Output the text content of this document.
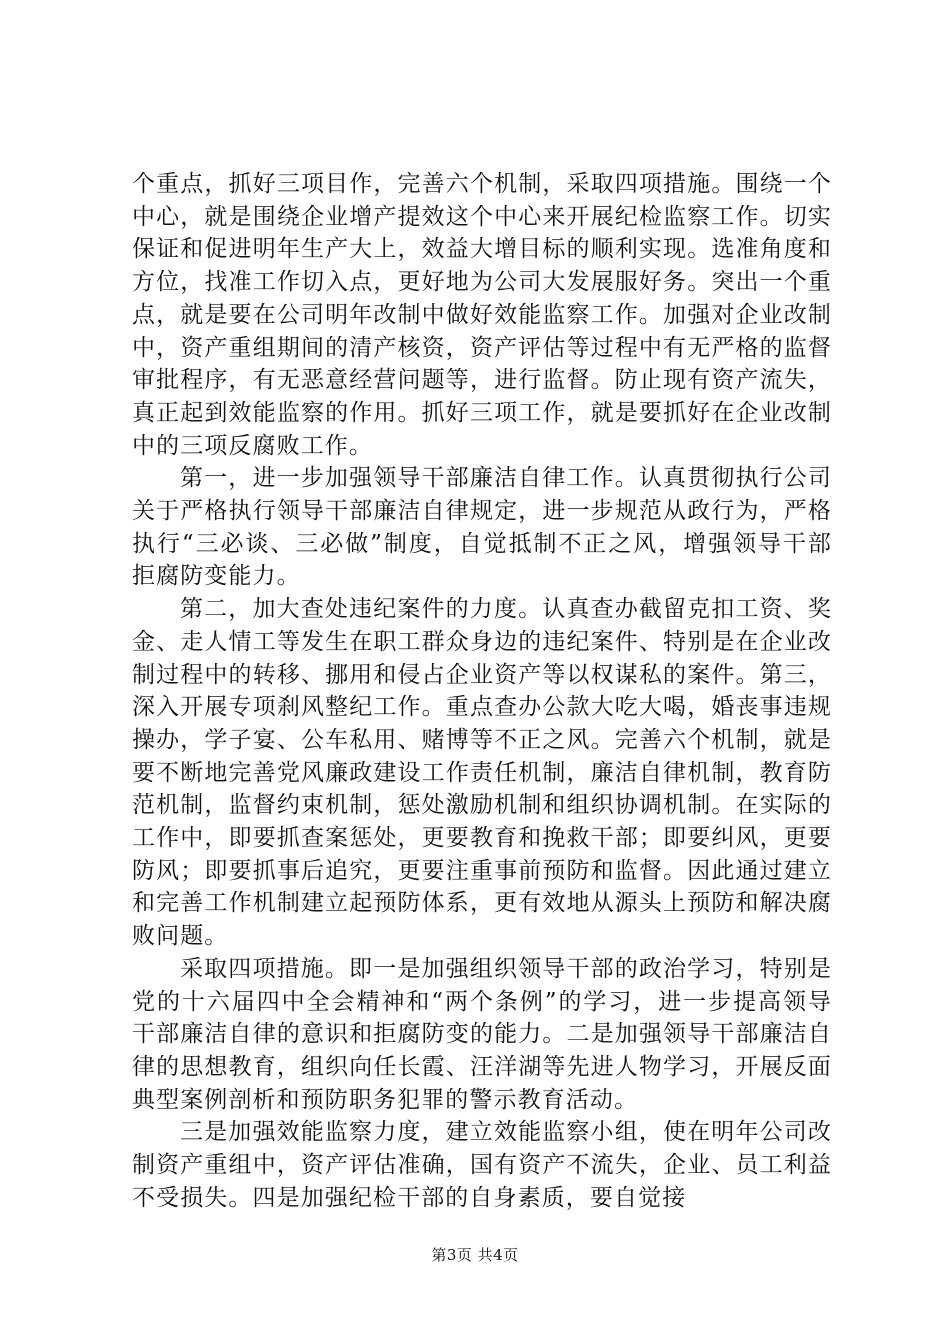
个重点，抓好三项目作，完善六个机制，采取四项措施。围绕一个中心，就是围绕企业增产提效这个中心来开展纪检监察工作。切实保证和促进明年生产大上，效益大增目标的顺利实现。选准角度和方位，找准工作切入点，更好地为公司大发展服好务。突出一个重点，就是要在公司明年改制中做好效能监察工作。加强对企业改制中，资产重组期间的清产核资，资产评估等过程中有无严格的监督审批程序，有无恶意经营问题等，进行监督。防止现有资产流失，真正起到效能监察的作用。抓好三项工作，就是要抓好在企业改制中的三项反腐败工作。

第一，进一步加强领导干部廉洁自律工作。认真贯彻执行公司关于严格执行领导干部廉洁自律规定，进一步规范从政行为，严格执行“三必谈、三必做”制度，自觉抵制不正之风，增强领导干部拒腐防变能力。

第二，加大查处违纪案件的力度。认真查办截留克扣工资、奖金、走人情工等发生在职工群众身边的违纪案件、特别是在企业改制过程中的转移、挪用和侵占企业资产等以权谋私的案件。第三，深入开展专项刹风整纪工作。重点查办公款大吃大喝，婚丧事违规操办，学子宴、公车私用、赌博等不正之风。完善六个机制，就是要不断地完善党风廉政建设工作责任机制，廉洁自律机制，教育防范机制，监督约束机制，惩处激励机制和组织协调机制。在实际的工作中，即要抓查案惩处，更要教育和挽救干部；即要纠风，更要防风；即要抓事后追究，更要注重事前预防和监督。因此通过建立和完善工作机制建立起预防体系，更有效地从源头上预防和解决腐败问题。

采取四项措施。即一是加强组织领导干部的政治学习，特别是党的十六届四中全会精神和“两个条例”的学习，进一步提高领导干部廉洁自律的意识和拒腐防变的能力。二是加强领导干部廉洁自律的思想教育，组织向任长霞、汪洋湖等先进人物学习，开展反面典型案例剖析和预防职务犯罪的警示教育活动。

三是加强效能监察力度，建立效能监察小组，使在明年公司改制资产重组中，资产评估准确，国有资产不流失，企业、员工利益不受损失。四是加强纪检干部的自身素质，要自觉接

第3页 共4页
